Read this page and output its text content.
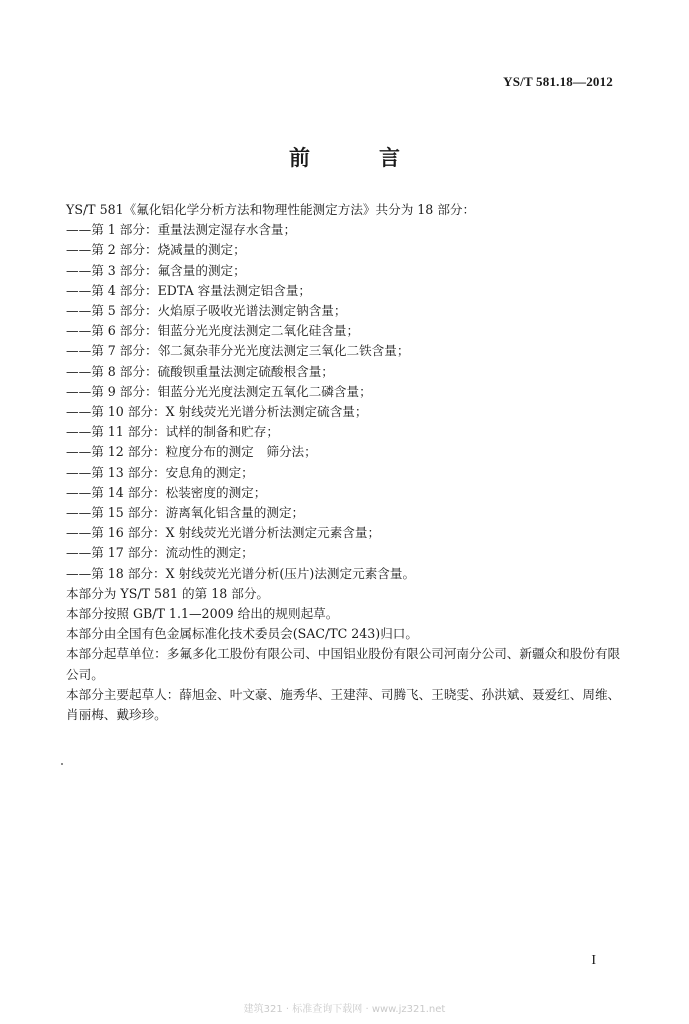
YS/T 581.18—2012
前　言
YS/T 581《氟化铝化学分析方法和物理性能测定方法》共分为 18 部分：
——第 1 部分：重量法测定湿存水含量；
——第 2 部分：烧减量的测定；
——第 3 部分：氟含量的测定；
——第 4 部分：EDTA 容量法测定铝含量；
——第 5 部分：火焰原子吸收光谱法测定钠含量；
——第 6 部分：钼蓝分光光度法测定二氧化硅含量；
——第 7 部分：邻二氮杂菲分光光度法测定三氧化二铁含量；
——第 8 部分：硫酸钡重量法测定硫酸根含量；
——第 9 部分：钼蓝分光光度法测定五氧化二磷含量；
——第 10 部分：X 射线荧光光谱分析法测定硫含量；
——第 11 部分：试样的制备和贮存；
——第 12 部分：粒度分布的测定　筛分法；
——第 13 部分：安息角的测定；
——第 14 部分：松装密度的测定；
——第 15 部分：游离氧化铝含量的测定；
——第 16 部分：X 射线荧光光谱分析法测定元素含量；
——第 17 部分：流动性的测定；
——第 18 部分：X 射线荧光光谱分析(压片)法测定元素含量。
本部分为 YS/T 581 的第 18 部分。
本部分按照 GB/T 1.1—2009 给出的规则起草。
本部分由全国有色金属标准化技术委员会(SAC/TC 243)归口。
本部分起草单位：多氟多化工股份有限公司、中国铝业股份有限公司河南分公司、新疆众和股份有限公司。
本部分主要起草人：薛旭金、叶文豪、施秀华、王建萍、司腾飞、王晓雯、孙洪斌、聂爱红、周维、肖丽梅、戴珍珍。
I
建筑321 · 标准查询下载网 · www.jz321.net
